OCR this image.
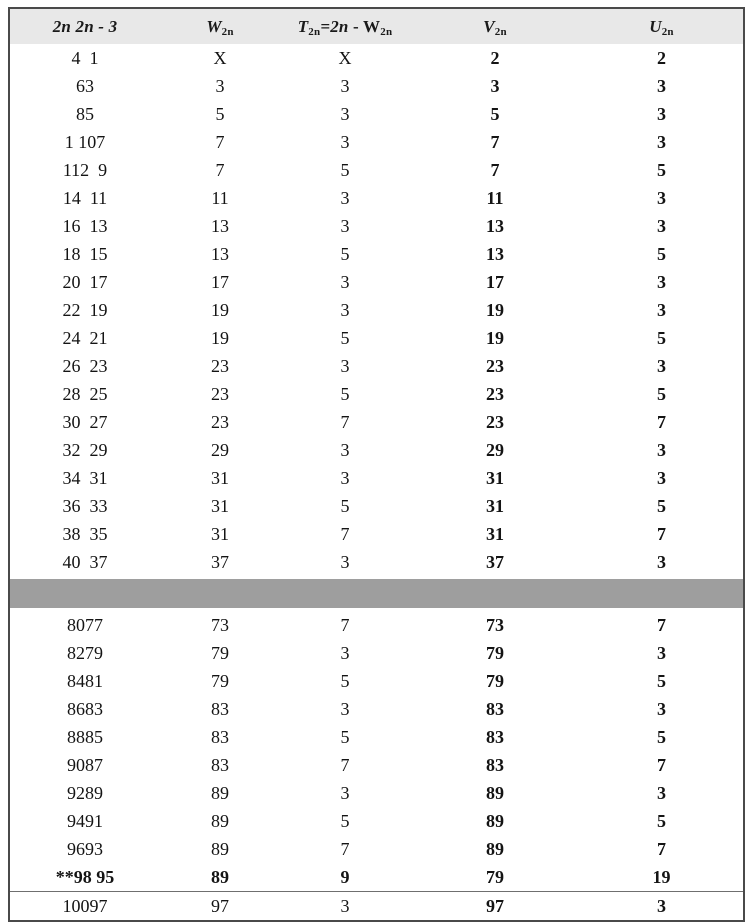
2n 2n - 3	$W_{2n}$	$T_{2n}=2n - W_{2n}$	$V_{2n}$	$U_{2n}$
4  1	X	X	2	2
63	3	3	3	3
85	5	3	5	3
1 107	7	3	7	3
112  9	7	5	7	5
14  11	11	3	11	3
16  13	13	3	13	3
18  15	13	5	13	5
20  17	17	3	17	3
22  19	19	3	19	3
24  21	19	5	19	5
26  23	23	3	23	3
28  25	23	5	23	5
30  27	23	7	23	7
32  29	29	3	29	3
34  31	31	3	31	3
36  33	31	5	31	5
38  35	31	7	31	7
40  37	37	3	37	3
8077	73	7	73	7
8279	79	3	79	3
8481	79	5	79	5
8683	83	3	83	3
8885	83	5	83	5
9087	83	7	83	7
9289	89	3	89	3
9491	89	5	89	5
9693	89	7	89	7
**98 95	89	9	79	19
10097	97	3	97	3
